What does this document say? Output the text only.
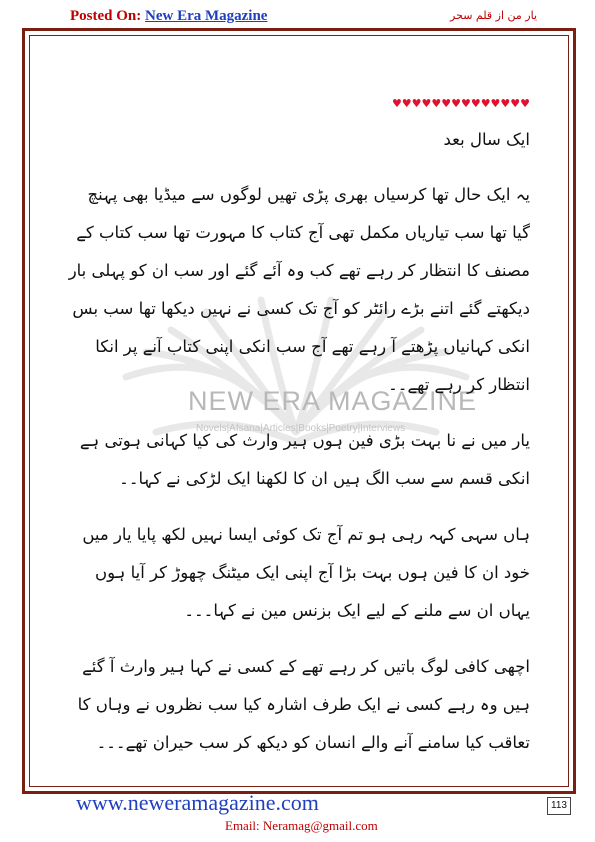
Posted On: New Era Magazine	یار من از قلم سحر
NEW ERA MAGAZINE
Novels|Afsana|Articles|Books|Poetry|Interviews
♥♥♥♥♥♥♥♥♥♥♥♥♥♥

ایک سال بعد

یہ ایک حال تھا کرسیاں بھری پڑی تھیں لوگوں سے میڈیا بھی پہنچ گیا تھا سب تیاریاں مکمل تھی آج کتاب کا مہورت تھا سب کتاب کے مصنف کا انتظار کر رہے تھے کب وہ آئے گئے اور سب ان کو پہلی بار دیکھتے گئے اتنے بڑے رائٹر کو آج تک کسی نے نہیں دیکھا تھا سب بس انکی کہانیاں پڑھتے آ رہے تھے آج سب انکی اپنی کتاب آنے پر انکا انتظار کر رہے تھے۔۔

یار میں نے نا بہت بڑی فین ہوں ہیر وارث کی کیا کہانی ہوتی ہے انکی قسم سے سب الگ ہیں ان کا لکھنا ایک لڑکی نے کہا۔۔

ہاں سہی کہہ رہی ہو تم آج تک کوئی ایسا نہیں لکھ پایا یار میں خود ان کا فین ہوں بہت بڑا آج اپنی ایک میٹنگ چھوڑ کر آیا ہوں یہاں ان سے ملنے کے لیے ایک بزنس مین نے کہا۔۔۔

اچھی کافی لوگ باتیں کر رہے تھے کے کسی نے کہا ہیر وارث آ گئے ہیں وہ رہے کسی نے ایک طرف اشارہ کیا سب نظروں نے وہاں کا تعاقب کیا سامنے آنے والے انسان کو دیکھ کر سب حیران تھے۔۔۔

www.neweramagazine.com	113
Email: Neramag@gmail.com
